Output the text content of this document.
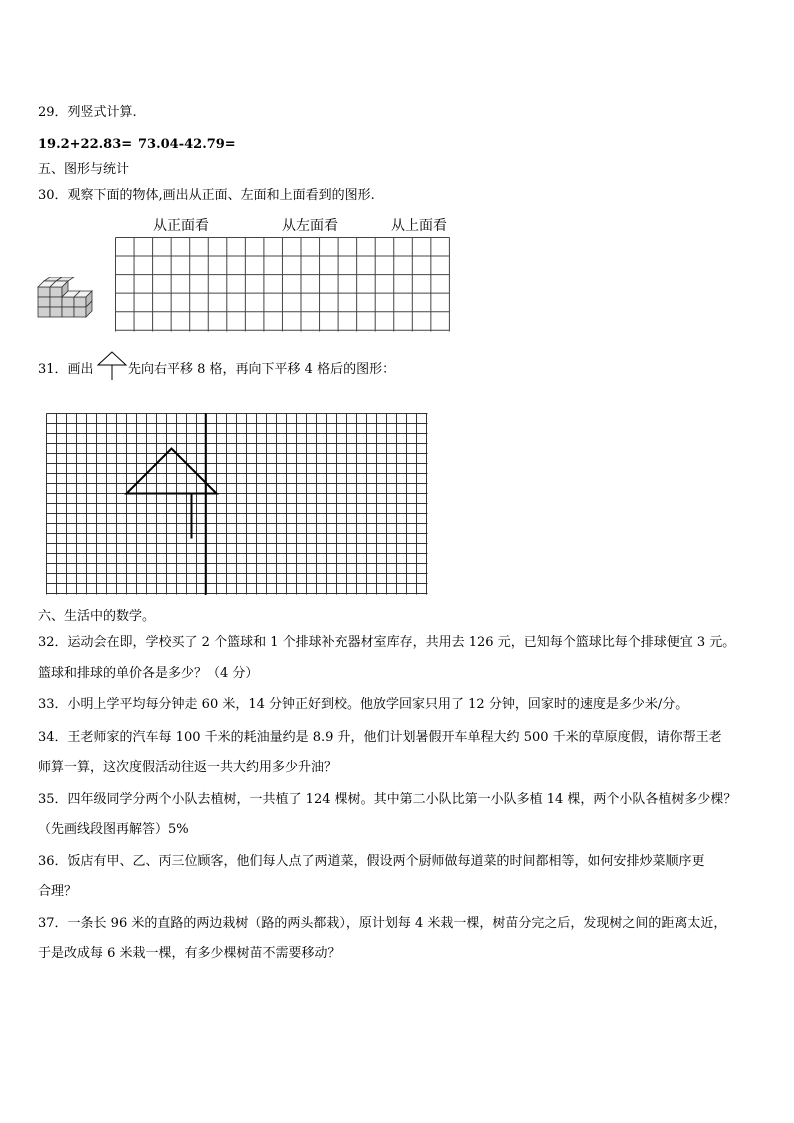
29．列竖式计算.
19.2+22.83= 73.04-42.79=
五、图形与统计
30．观察下面的物体,画出从正面、左面和上面看到的图形.
从正面看	从左面看	从上面看
31．画出	先向右平移 8 格，再向下平移 4 格后的图形：
六、生活中的数学。
32．运动会在即，学校买了 2 个篮球和 1 个排球补充器材室库存，共用去 126 元，已知每个篮球比每个排球便宜 3 元。
篮球和排球的单价各是多少？（4 分）
33．小明上学平均每分钟走 60 米，14 分钟正好到校。他放学回家只用了 12 分钟，回家时的速度是多少米/分。
34．王老师家的汽车每 100 千米的耗油量约是 8.9 升，他们计划暑假开车单程大约 500 千米的草原度假，请你帮王老
师算一算，这次度假活动往返一共大约用多少升油？
35．四年级同学分两个小队去植树，一共植了 124 棵树。其中第二小队比第一小队多植 14 棵，两个小队各植树多少棵？
（先画线段图再解答）5%
36．饭店有甲、乙、丙三位顾客，他们每人点了两道菜，假设两个厨师做每道菜的时间都相等，如何安排炒菜顺序更
合理？
37．一条长 96 米的直路的两边栽树（路的两头都栽），原计划每 4 米栽一棵，树苗分完之后，发现树之间的距离太近，
于是改成每 6 米栽一棵，有多少棵树苗不需要移动？
